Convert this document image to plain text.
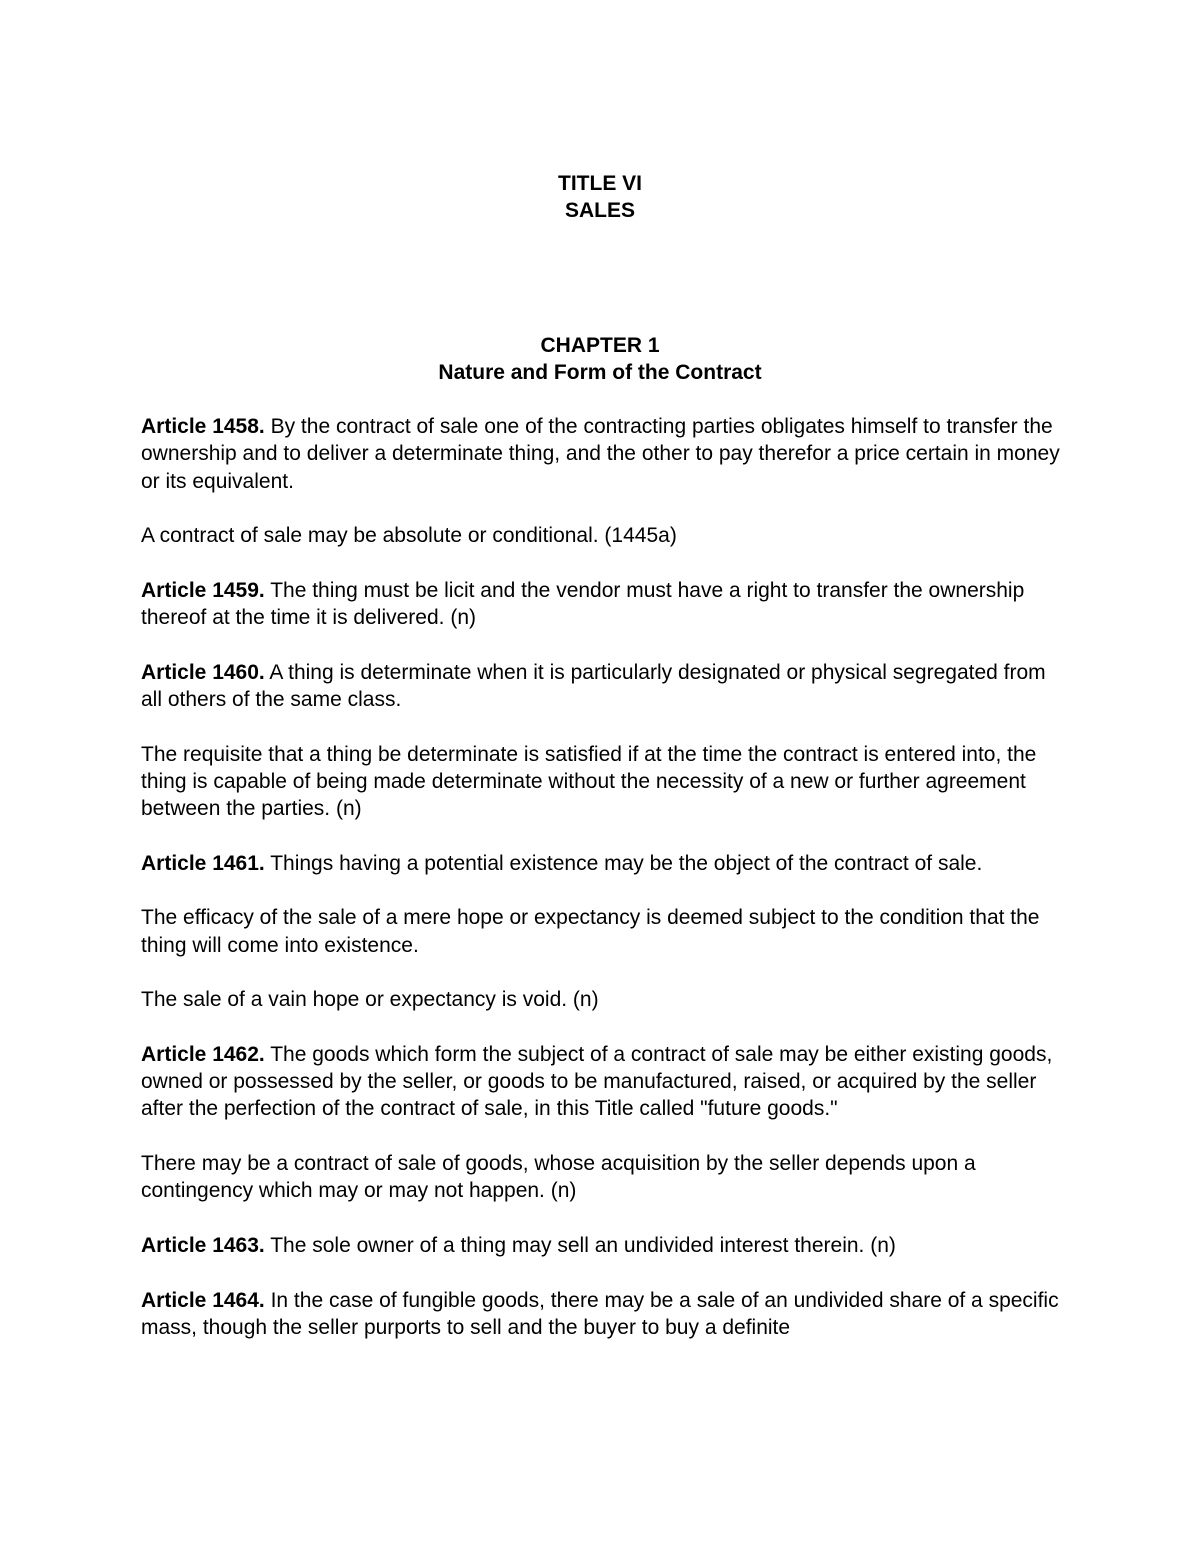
TITLE VI
SALES
CHAPTER 1
Nature and Form of the Contract

Article 1458. By the contract of sale one of the contracting parties obligates himself to transfer the ownership and to deliver a determinate thing, and the other to pay therefor a price certain in money or its equivalent.

A contract of sale may be absolute or conditional. (1445a)

Article 1459. The thing must be licit and the vendor must have a right to transfer the ownership thereof at the time it is delivered. (n)

Article 1460. A thing is determinate when it is particularly designated or physical segregated from all others of the same class.

The requisite that a thing be determinate is satisfied if at the time the contract is entered into, the thing is capable of being made determinate without the necessity of a new or further agreement between the parties. (n)

Article 1461. Things having a potential existence may be the object of the contract of sale.

The efficacy of the sale of a mere hope or expectancy is deemed subject to the condition that the thing will come into existence.

The sale of a vain hope or expectancy is void. (n)

Article 1462. The goods which form the subject of a contract of sale may be either existing goods, owned or possessed by the seller, or goods to be manufactured, raised, or acquired by the seller after the perfection of the contract of sale, in this Title called "future goods."

There may be a contract of sale of goods, whose acquisition by the seller depends upon a contingency which may or may not happen. (n)

Article 1463. The sole owner of a thing may sell an undivided interest therein. (n)

Article 1464. In the case of fungible goods, there may be a sale of an undivided share of a specific mass, though the seller purports to sell and the buyer to buy a definite
